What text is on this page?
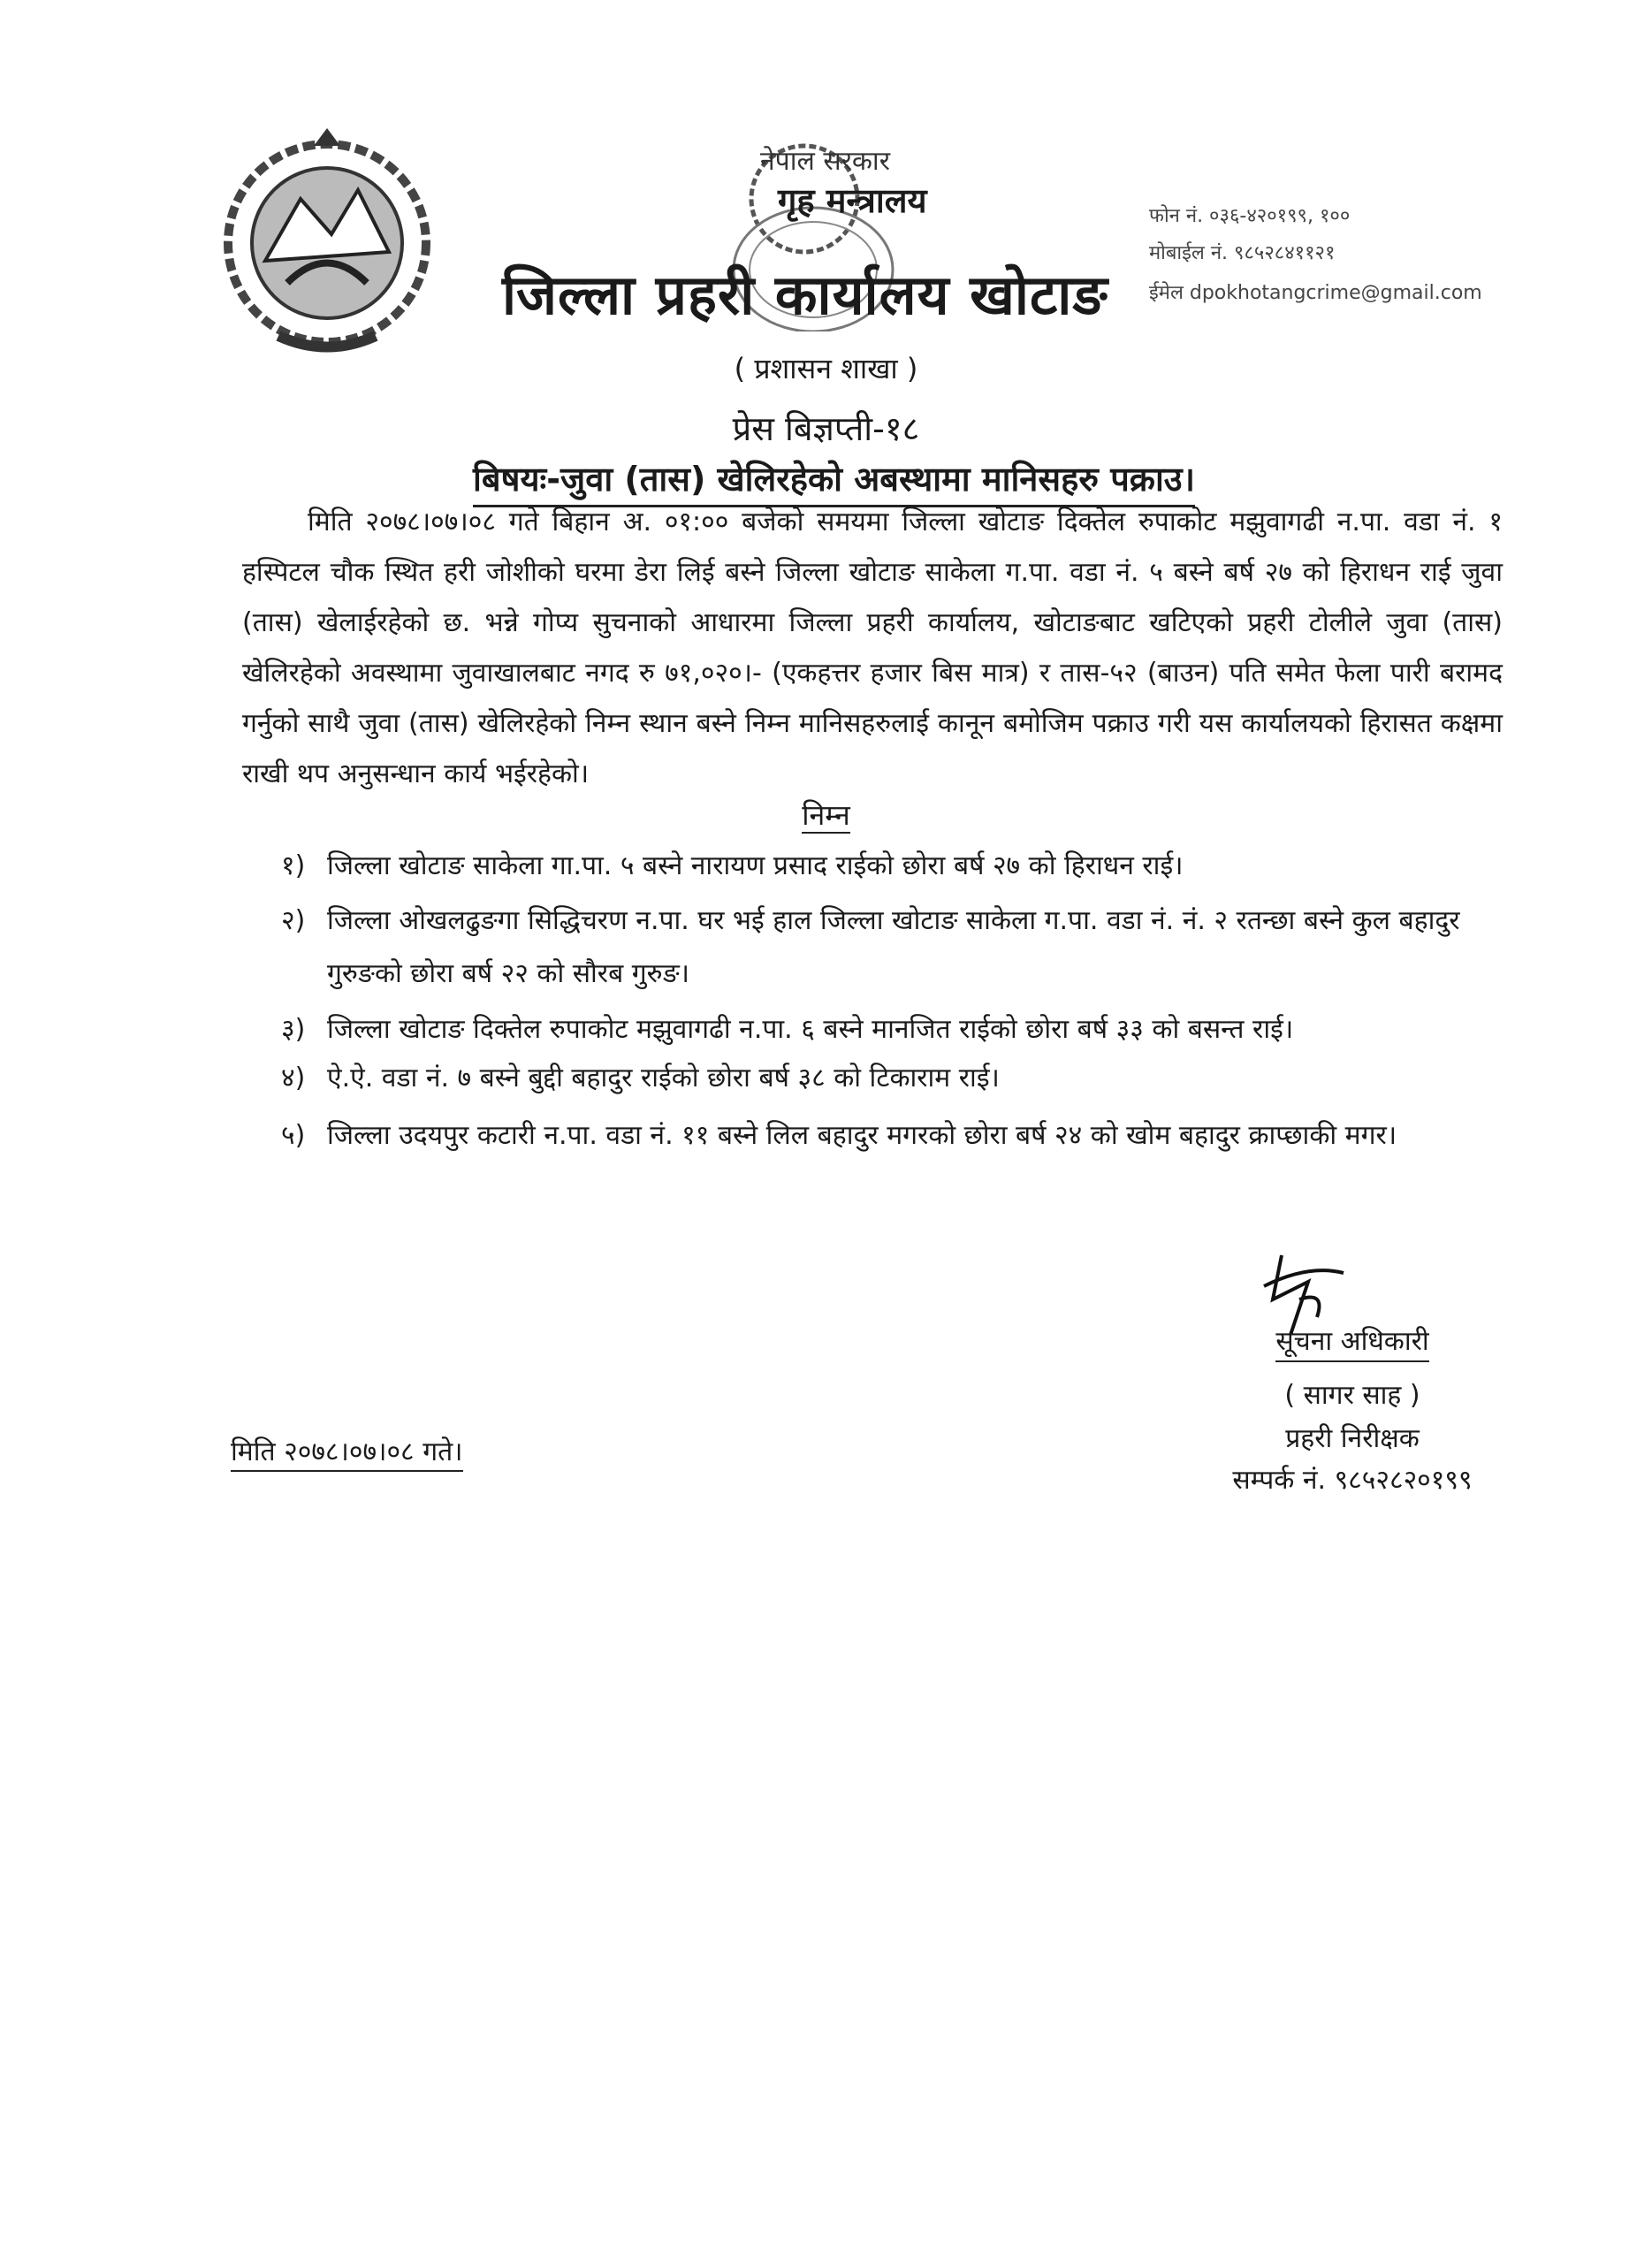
नेपाल सरकार
गृह मन्त्रालय
जिल्ला प्रहरी कार्यालय खोटाङ
( प्रशासन शाखा )
फोन नं. ०३६-४२०१९९, १००
मोबाईल नं. ९८५२८४११२१
ईमेल dpokhotangcrime@gmail.com
प्रेस बिज्ञप्ती-१८
बिषयः-जुवा (तास) खेलिरहेको अबस्थामा मानिसहरु पक्राउ।
मिति २०७८।०७।०८ गते बिहान अ. ०१:०० बजेको समयमा जिल्ला खोटाङ दिक्तेल रुपाकोट मझुवागढी न.पा. वडा नं. १ हस्पिटल चौक स्थित हरी जोशीको घरमा डेरा लिई बस्ने जिल्ला खोटाङ साकेला ग.पा. वडा नं. ५ बस्ने बर्ष २७ को हिराधन राई जुवा (तास) खेलाईरहेको छ. भन्ने गोप्य सुचनाको आधारमा जिल्ला प्रहरी कार्यालय, खोटाङबाट खटिएको प्रहरी टोलीले जुवा (तास) खेलिरहेको अवस्थामा जुवाखालबाट नगद रु ७१,०२०।- (एकहत्तर हजार बिस मात्र) र तास-५२ (बाउन) पति समेत फेला पारी बरामद गर्नुको साथै जुवा (तास) खेलिरहेको निम्न स्थान बस्ने निम्न मानिसहरुलाई कानून बमोजिम पक्राउ गरी यस कार्यालयको हिरासत कक्षमा राखी थप अनुसन्धान कार्य भईरहेको।
निम्न
१) जिल्ला खोटाङ साकेला गा.पा. ५ बस्ने नारायण प्रसाद राईको छोरा बर्ष २७ को हिराधन राई।
२) जिल्ला ओखलढुङगा सिद्धिचरण न.पा. घर भई हाल जिल्ला खोटाङ साकेला ग.पा. वडा नं. नं. २ रतन्छा बस्ने कुल बहादुर गुरुङको छोरा बर्ष २२ को सौरब गुरुङ।
३) जिल्ला खोटाङ दिक्तेल रुपाकोट मझुवागढी न.पा. ६ बस्ने मानजित राईको छोरा बर्ष ३३ को बसन्त राई।
४) ऐ.ऐ. वडा नं. ७ बस्ने बुद्दी बहादुर राईको छोरा बर्ष ३८ को टिकाराम राई।
५) जिल्ला उदयपुर कटारी न.पा. वडा नं. ११ बस्ने लिल बहादुर मगरको छोरा बर्ष २४ को खोम बहादुर क्राप्छाकी मगर।
सूचना अधिकारी
( सागर साह )
प्रहरी निरीक्षक
सम्पर्क नं. ९८५२८२०१९९
मिति २०७८।०७।०८ गते।
